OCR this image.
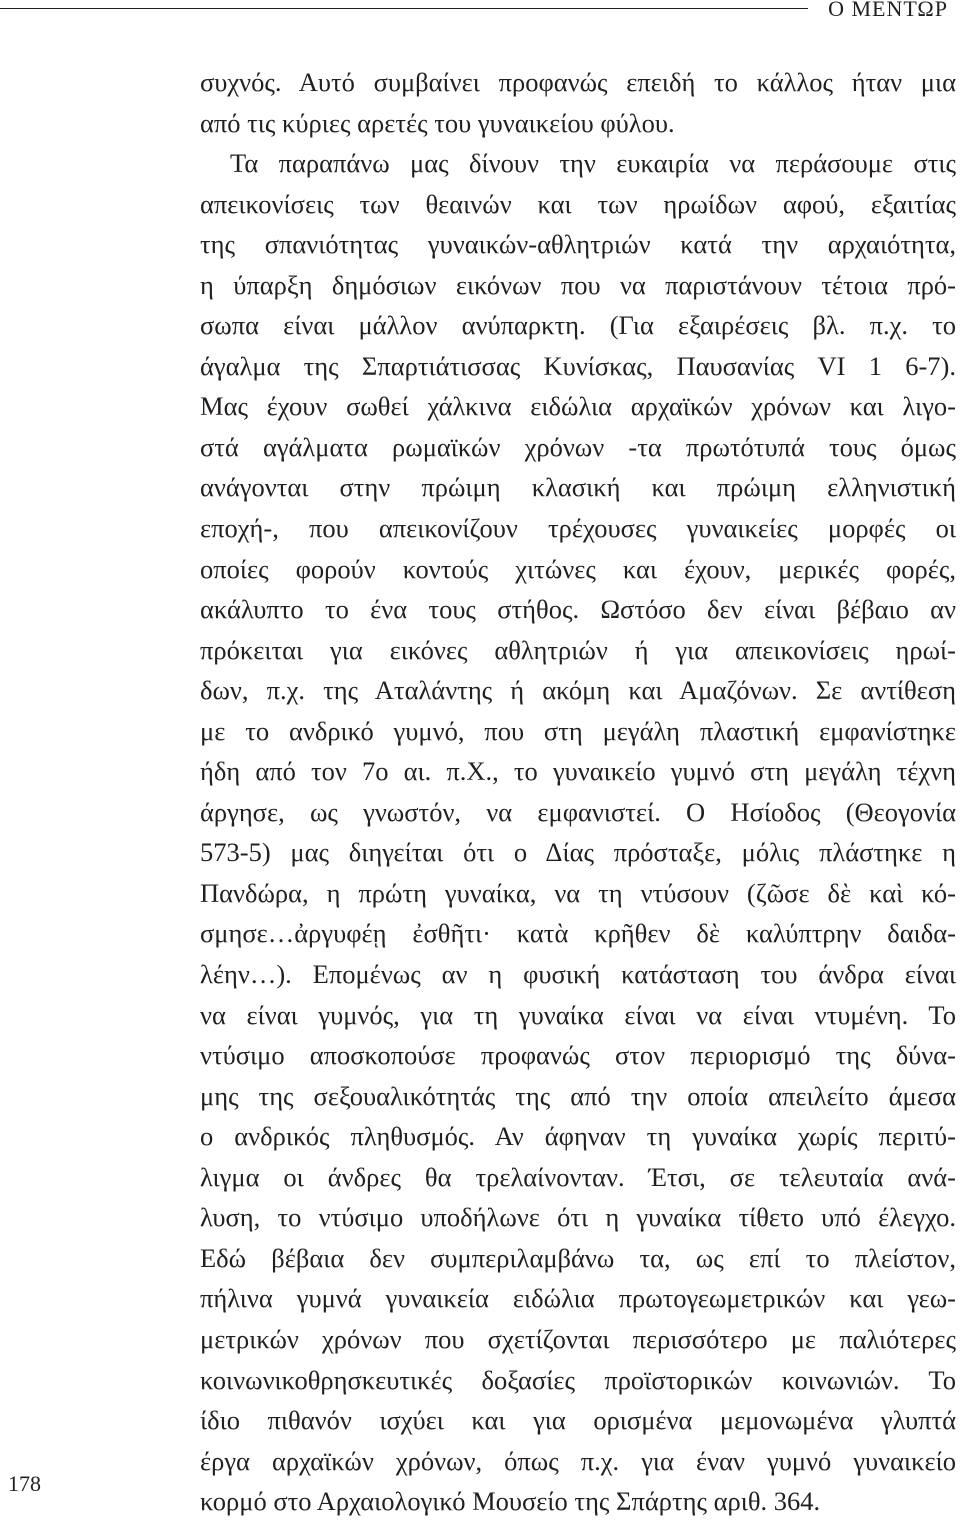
Ο ΜΕΝΤΩΡ
συχνός. Αυτό συμβαίνει προφανώς επειδή το κάλλος ήταν μια
από τις κύριες αρετές του γυναικείου φύλου.
Τα παραπάνω μας δίνουν την ευκαιρία να περάσουμε στις
απεικονίσεις των θεαινών και των ηρωίδων αφού, εξαιτίας
της σπανιότητας γυναικών-αθλητριών κατά την αρχαιότητα,
η ύπαρξη δημόσιων εικόνων που να παριστάνουν τέτοια πρό-
σωπα είναι μάλλον ανύπαρκτη. (Για εξαιρέσεις βλ. π.χ. το
άγαλμα της Σπαρτιάτισσας Κυνίσκας, Παυσανίας VI 1 6-7).
Μας έχουν σωθεί χάλκινα ειδώλια αρχαϊκών χρόνων και λιγο-
στά αγάλματα ρωμαϊκών χρόνων -τα πρωτότυπά τους όμως
ανάγονται στην πρώιμη κλασική και πρώιμη ελληνιστική
εποχή-, που απεικονίζουν τρέχουσες γυναικείες μορφές οι
οποίες φορούν κοντούς χιτώνες και έχουν, μερικές φορές,
ακάλυπτο το ένα τους στήθος. Ωστόσο δεν είναι βέβαιο αν
πρόκειται για εικόνες αθλητριών ή για απεικονίσεις ηρωί-
δων, π.χ. της Αταλάντης ή ακόμη και Αμαζόνων. Σε αντίθεση
με το ανδρικό γυμνό, που στη μεγάλη πλαστική εμφανίστηκε
ήδη από τον 7ο αι. π.Χ., το γυναικείο γυμνό στη μεγάλη τέχνη
άργησε, ως γνωστόν, να εμφανιστεί. Ο Ησίοδος (Θεογονία
573-5) μας διηγείται ότι ο Δίας πρόσταξε, μόλις πλάστηκε η
Πανδώρα, η πρώτη γυναίκα, να τη ντύσουν (ζῶσε δὲ καὶ κό-
σμησε…ἀργυφέῃ ἐσθῆτι· κατὰ κρῆθεν δὲ καλύπτρην δαιδα-
λέην…). Επομένως αν η φυσική κατάσταση του άνδρα είναι
να είναι γυμνός, για τη γυναίκα είναι να είναι ντυμένη. Το
ντύσιμο αποσκοπούσε προφανώς στον περιορισμό της δύνα-
μης της σεξουαλικότητάς της από την οποία απειλείτο άμεσα
ο ανδρικός πληθυσμός. Αν άφηναν τη γυναίκα χωρίς περιτύ-
λιγμα οι άνδρες θα τρελαίνονταν. Έτσι, σε τελευταία ανά-
λυση, το ντύσιμο υποδήλωνε ότι η γυναίκα τίθετο υπό έλεγχο.
Εδώ βέβαια δεν συμπεριλαμβάνω τα, ως επί το πλείστον,
πήλινα γυμνά γυναικεία ειδώλια πρωτογεωμετρικών και γεω-
μετρικών χρόνων που σχετίζονται περισσότερο με παλιότερες
κοινωνικοθρησκευτικές δοξασίες προϊστορικών κοινωνιών. Το
ίδιο πιθανόν ισχύει και για ορισμένα μεμονωμένα γλυπτά
έργα αρχαϊκών χρόνων, όπως π.χ. για έναν γυμνό γυναικείο
κορμό στο Αρχαιολογικό Μουσείο της Σπάρτης αριθ. 364.
178
